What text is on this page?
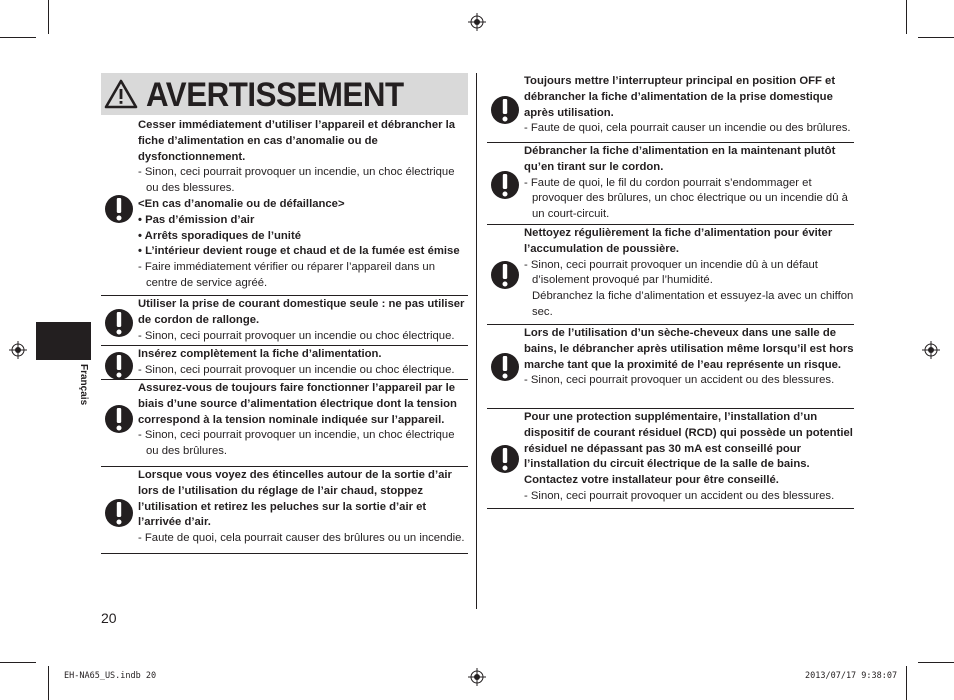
AVERTISSEMENT
Cesser immédiatement d’utiliser l’appareil et débrancher la fiche d’alimentation en cas d’anomalie ou de dysfonctionnement.
- Sinon, ceci pourrait provoquer un incendie, un choc électrique ou des blessures.
<En cas d’anomalie ou de défaillance>
• Pas d’émission d’air
• Arrêts sporadiques de l’unité
• L’intérieur devient rouge et chaud et de la fumée est émise
- Faire immédiatement vérifier ou réparer l’appareil dans un centre de service agréé.
Utiliser la prise de courant domestique seule : ne pas utiliser de cordon de rallonge.
- Sinon, ceci pourrait provoquer un incendie ou choc électrique.
Insérez complètement la fiche d’alimentation.
- Sinon, ceci pourrait provoquer un incendie ou choc électrique.
Assurez-vous de toujours faire fonctionner l’appareil par le biais d’une source d’alimentation électrique dont la tension correspond à la tension nominale indiquée sur l’appareil.
- Sinon, ceci pourrait provoquer un incendie, un choc électrique ou des brûlures.
Lorsque vous voyez des étincelles autour de la sortie d’air lors de l’utilisation du réglage de l’air chaud, stoppez l’utilisation et retirez les peluches sur la sortie d’air et l’arrivée d’air.
- Faute de quoi, cela pourrait causer des brûlures ou un incendie.
Toujours mettre l’interrupteur principal en position OFF et débrancher la fiche d’alimentation de la prise domestique après utilisation.
- Faute de quoi, cela pourrait causer un incendie ou des brûlures.
Débrancher la fiche d’alimentation en la maintenant plutôt qu’en tirant sur le cordon.
- Faute de quoi, le fil du cordon pourrait s’endommager et provoquer des brûlures, un choc électrique ou un incendie dû à un court-circuit.
Nettoyez régulièrement la fiche d’alimentation pour éviter l’accumulation de poussière.
- Sinon, ceci pourrait provoquer un incendie dû à un défaut d’isolement provoqué par l’humidité.
Débranchez la fiche d’alimentation et essuyez-la avec un chiffon sec.
Lors de l’utilisation d’un sèche-cheveux dans une salle de bains, le débrancher après utilisation même lorsqu’il est hors marche tant que la proximité de l’eau représente un risque.
- Sinon, ceci pourrait provoquer un accident ou des blessures.
Pour une protection supplémentaire, l’installation d’un dispositif de courant résiduel (RCD) qui possède un potentiel résiduel ne dépassant pas 30 mA est conseillé pour l’installation du circuit électrique de la salle de bains. Contactez votre installateur pour être conseillé.
- Sinon, ceci pourrait provoquer un accident ou des blessures.
Français
20
EH-NA65_US.indb 20	2013/07/17 9:38:07
